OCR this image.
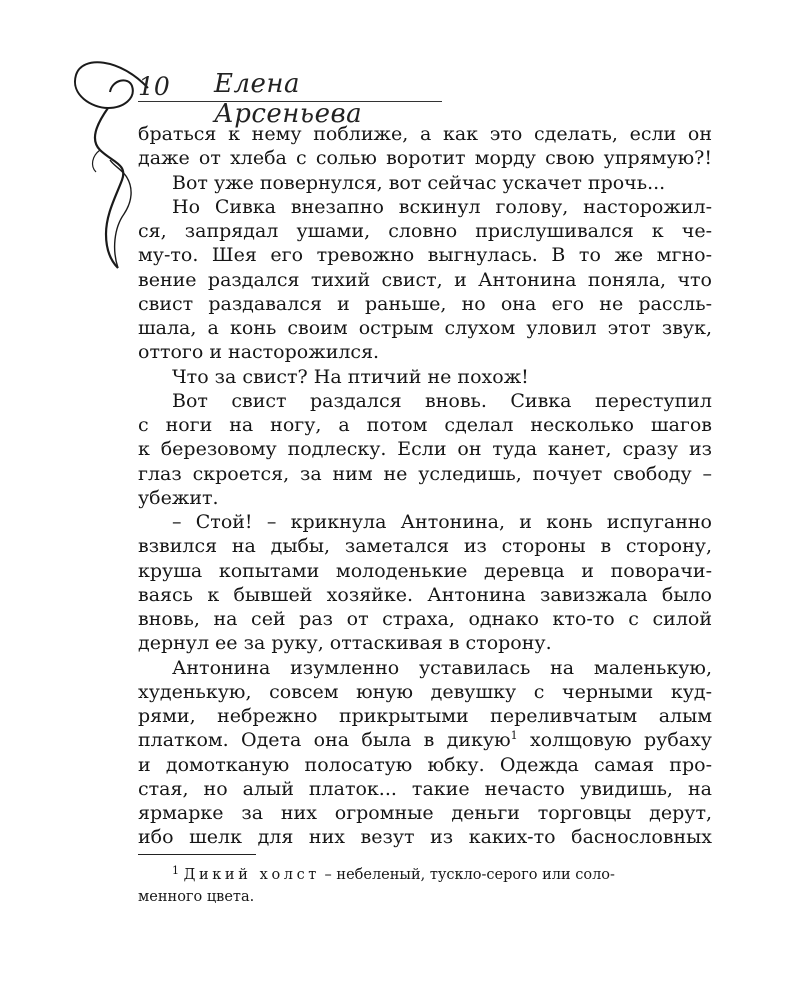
10 Елена Арсеньева
браться к нему поближе, а как это сделать, если он
даже от хлеба с солью воротит морду свою упрямую?!
Вот уже повернулся, вот сейчас ускачет прочь...
Но Сивка внезапно вскинул голову, насторожил-
ся, запрядал ушами, словно прислушивался к че-
му-то. Шея его тревожно выгнулась. В то же мгно-
вение раздался тихий свист, и Антонина поняла, что
свист раздавался и раньше, но она его не рассль-
шала, а конь своим острым слухом уловил этот звук,
оттого и насторожился.
Что за свист? На птичий не похож!
Вот свист раздался вновь. Сивка переступил
с ноги на ногу, а потом сделал несколько шагов
к березовому подлеску. Если он туда канет, сразу из
глаз скроется, за ним не уследишь, почует свободу –
убежит.
– Стой! – крикнула Антонина, и конь испуганно
взвился на дыбы, заметался из стороны в сторону,
круша копытами молоденькие деревца и поворачи-
ваясь к бывшей хозяйке. Антонина завизжала было
вновь, на сей раз от страха, однако кто-то с силой
дернул ее за руку, оттаскивая в сторону.
Антонина изумленно уставилась на маленькую,
худенькую, совсем юную девушку с черными куд-
рями, небрежно прикрытыми переливчатым алым
платком. Одета она была в дикую$^1$ холщовую рубаху
и домотканую полосатую юбку. Одежда самая про-
стая, но алый платок... такие нечасто увидишь, на
ярмарке за них огромные деньги торговцы дерут,
ибо шелк для них везут из каких-то баснословных
$^1$ Дикий холст – небеленый, тускло-серого или соло-
менного цвета.
